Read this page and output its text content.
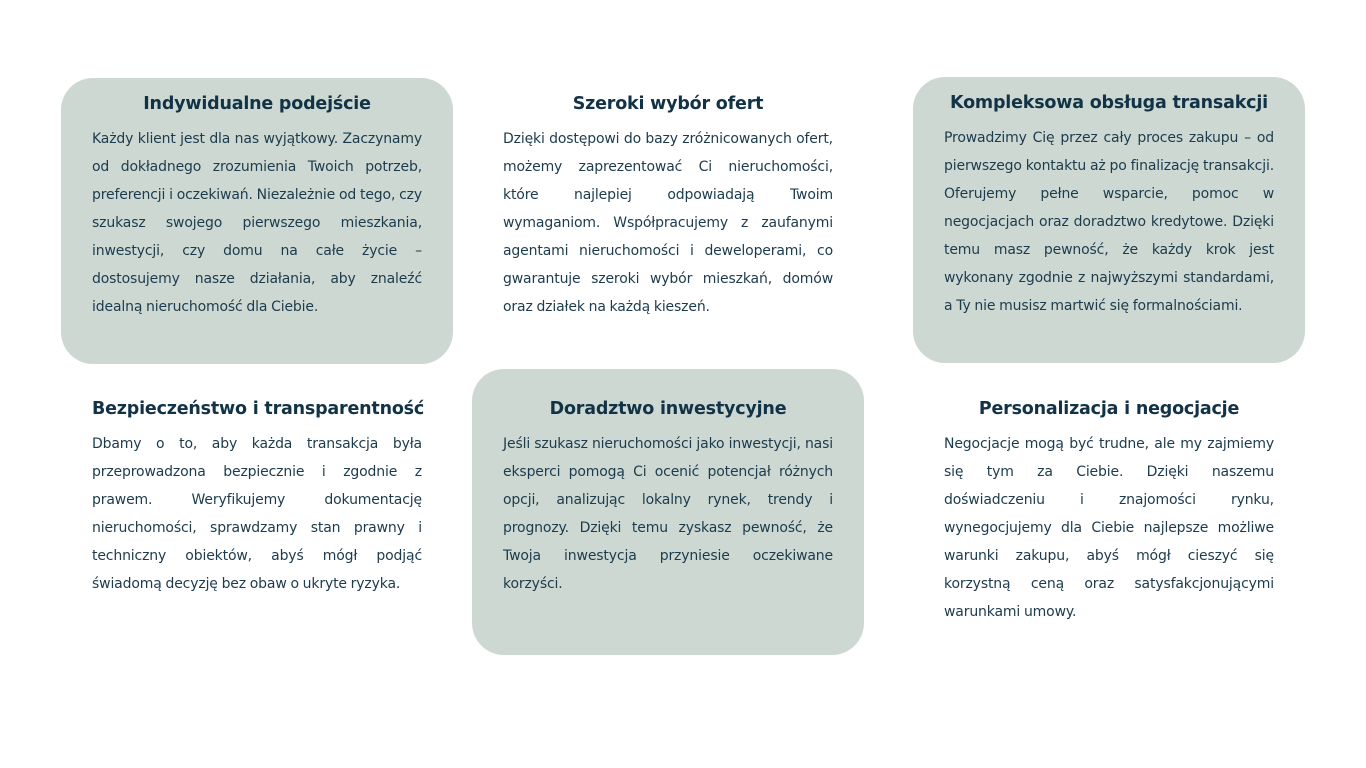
Indywidualne podejście

Każdy klient jest dla nas wyjątkowy. Zaczynamy od dokładnego zrozumienia Twoich potrzeb, preferencji i oczekiwań. Niezależnie od tego, czy szukasz swojego pierwszego mieszkania, inwestycji, czy domu na całe życie – dostosujemy nasze działania, aby znaleźć idealną nieruchomość dla Ciebie.

Szeroki wybór ofert

Dzięki dostępowi do bazy zróżnicowanych ofert, możemy zaprezentować Ci nieruchomości, które najlepiej odpowiadają Twoim wymaganiom. Współpracujemy z zaufanymi agentami nieruchomości i deweloperami, co gwarantuje szeroki wybór mieszkań, domów oraz działek na każdą kieszeń.

Kompleksowa obsługa transakcji

Prowadzimy Cię przez cały proces zakupu – od pierwszego kontaktu aż po finalizację transakcji. Oferujemy pełne wsparcie, pomoc w negocjacjach oraz doradztwo kredytowe. Dzięki temu masz pewność, że każdy krok jest wykonany zgodnie z najwyższymi standardami, a Ty nie musisz martwić się formalnościami.

Bezpieczeństwo i transparentność

Dbamy o to, aby każda transakcja była przeprowadzona bezpiecznie i zgodnie z prawem. Weryfikujemy dokumentację nieruchomości, sprawdzamy stan prawny i techniczny obiektów, abyś mógł podjąć świadomą decyzję bez obaw o ukryte ryzyka.

Doradztwo inwestycyjne

Jeśli szukasz nieruchomości jako inwestycji, nasi eksperci pomogą Ci ocenić potencjał różnych opcji, analizując lokalny rynek, trendy i prognozy. Dzięki temu zyskasz pewność, że Twoja inwestycja przyniesie oczekiwane korzyści.

Personalizacja i negocjacje

Negocjacje mogą być trudne, ale my zajmiemy się tym za Ciebie. Dzięki naszemu doświadczeniu i znajomości rynku, wynegocjujemy dla Ciebie najlepsze możliwe warunki zakupu, abyś mógł cieszyć się korzystną ceną oraz satysfakcjonującymi warunkami umowy.
